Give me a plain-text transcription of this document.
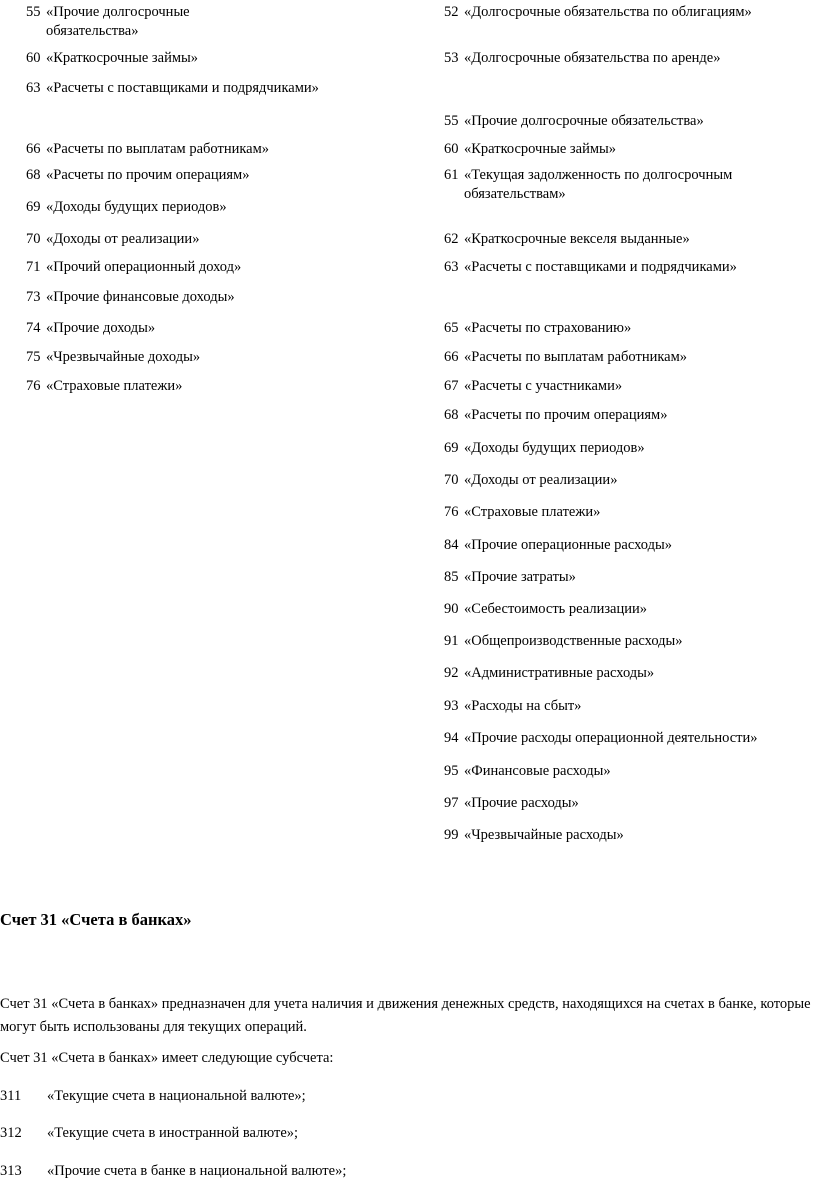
55 «Прочие долгосрочные
обязательства»
60 «Краткосрочные займы»
63 «Расчеты с поставщиками и подрядчиками»
66 «Расчеты по выплатам работникам»
68 «Расчеты по прочим операциям»
69 «Доходы будущих периодов»
70 «Доходы от реализации»
71 «Прочий операционный доход»
73 «Прочие финансовые доходы»
74 «Прочие доходы»
75 «Чрезвычайные доходы»
76 «Страховые платежи»
52 «Долгосрочные обязательства по облигациям»
53 «Долгосрочные обязательства по аренде»
55 «Прочие долгосрочные обязательства»
60 «Краткосрочные займы»
61 «Текущая задолженность по долгосрочным
обязательствам»
62 «Краткосрочные векселя выданные»
63 «Расчеты с поставщиками и подрядчиками»
65 «Расчеты по страхованию»
66 «Расчеты по выплатам работникам»
67 «Расчеты с участниками»
68 «Расчеты по прочим операциям»
69 «Доходы будущих периодов»
70 «Доходы от реализации»
76 «Страховые платежи»
84 «Прочие операционные расходы»
85 «Прочие затраты»
90 «Себестоимость реализации»
91 «Общепроизводственные расходы»
92 «Административные расходы»
93 «Расходы на сбыт»
94 «Прочие расходы операционной деятельности»
95 «Финансовые расходы»
97 «Прочие расходы»
99 «Чрезвычайные расходы»
Счет 31 «Счета в банках»
Счет 31 «Счета в банках» предназначен для учета наличия и движения денежных средств, находящихся на счетах в банке, которые могут быть использованы для текущих операций.
Счет 31 «Счета в банках» имеет следующие субсчета:
311 «Текущие счета в национальной валюте»;
312 «Текущие счета в иностранной валюте»;
313 «Прочие счета в банке в национальной валюте»;
